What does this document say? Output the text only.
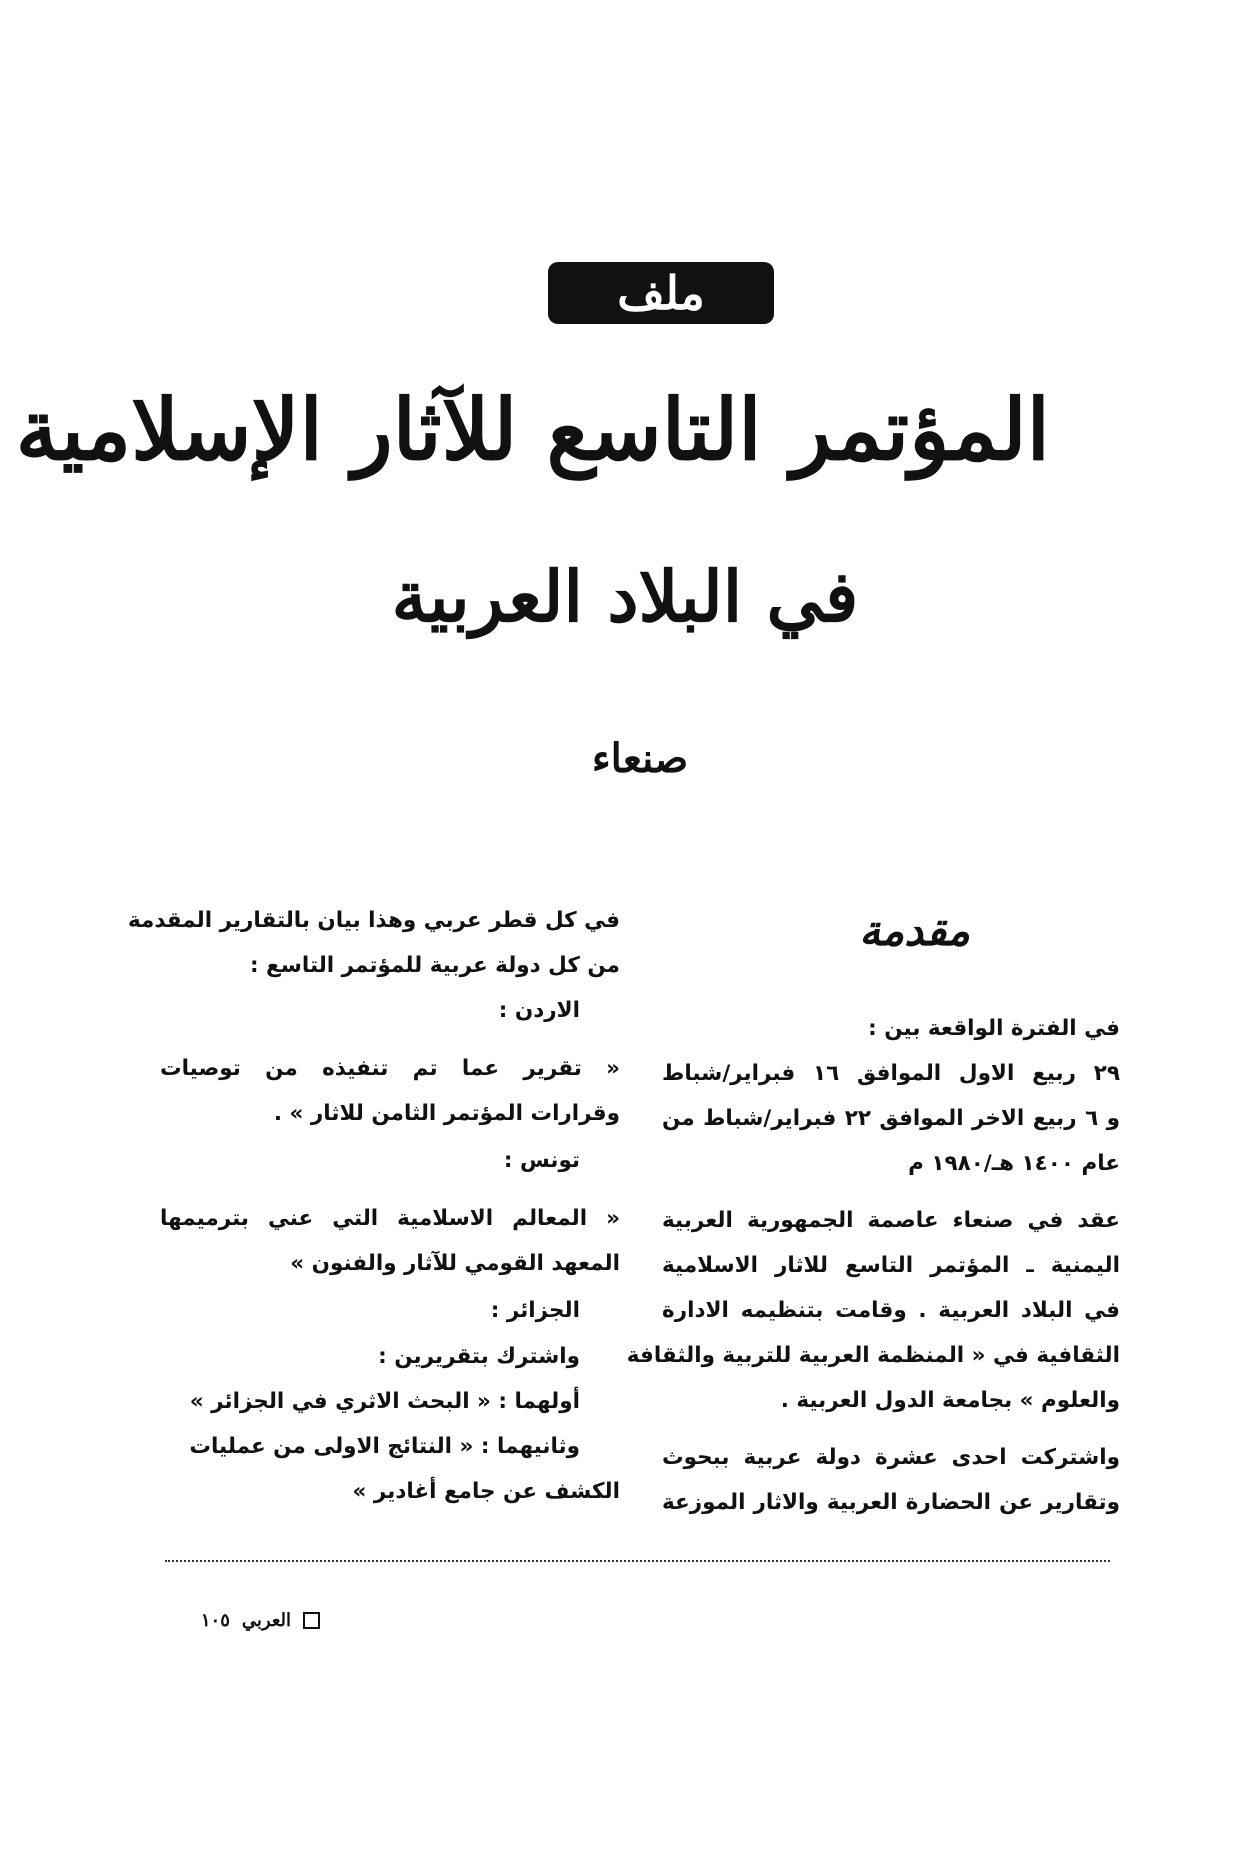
ملف
المؤتمر التاسع للآثار الإسلامية
في البلاد العربية
صنعاء
مقدمة
في الفترة الواقعة بين :
٢٩ ربيع الاول الموافق ١٦ فبراير/شباط
و ٦ ربيع الاخر الموافق ٢٢ فبراير/شباط من
عام ١٤٠٠ هـ/١٩٨٠ م
عقد في صنعاء عاصمة الجمهورية العربية
اليمنية ـ المؤتمر التاسع للاثار الاسلامية
في البلاد العربية . وقامت بتنظيمه الادارة
الثقافية في « المنظمة العربية للتربية والثقافة
والعلوم » بجامعة الدول العربية .
واشتركت احدى عشرة دولة عربية ببحوث
وتقارير عن الحضارة العربية والاثار الموزعة
في كل قطر عربي وهذا بيان بالتقارير المقدمة
من كل دولة عربية للمؤتمر التاسع :
الاردن :
« تقرير عما تم تنفيذه من توصيات
وقرارات المؤتمر الثامن للاثار » .
تونس :
« المعالم الاسلامية التي عني بترميمها
المعهد القومي للآثار والفنون »
الجزائر :
واشترك بتقريرين :
أولهما : « البحث الاثري في الجزائر »
وثانيهما : « النتائج الاولى من عمليات
الكشف عن جامع أغادير »
العربي
١٠٥
